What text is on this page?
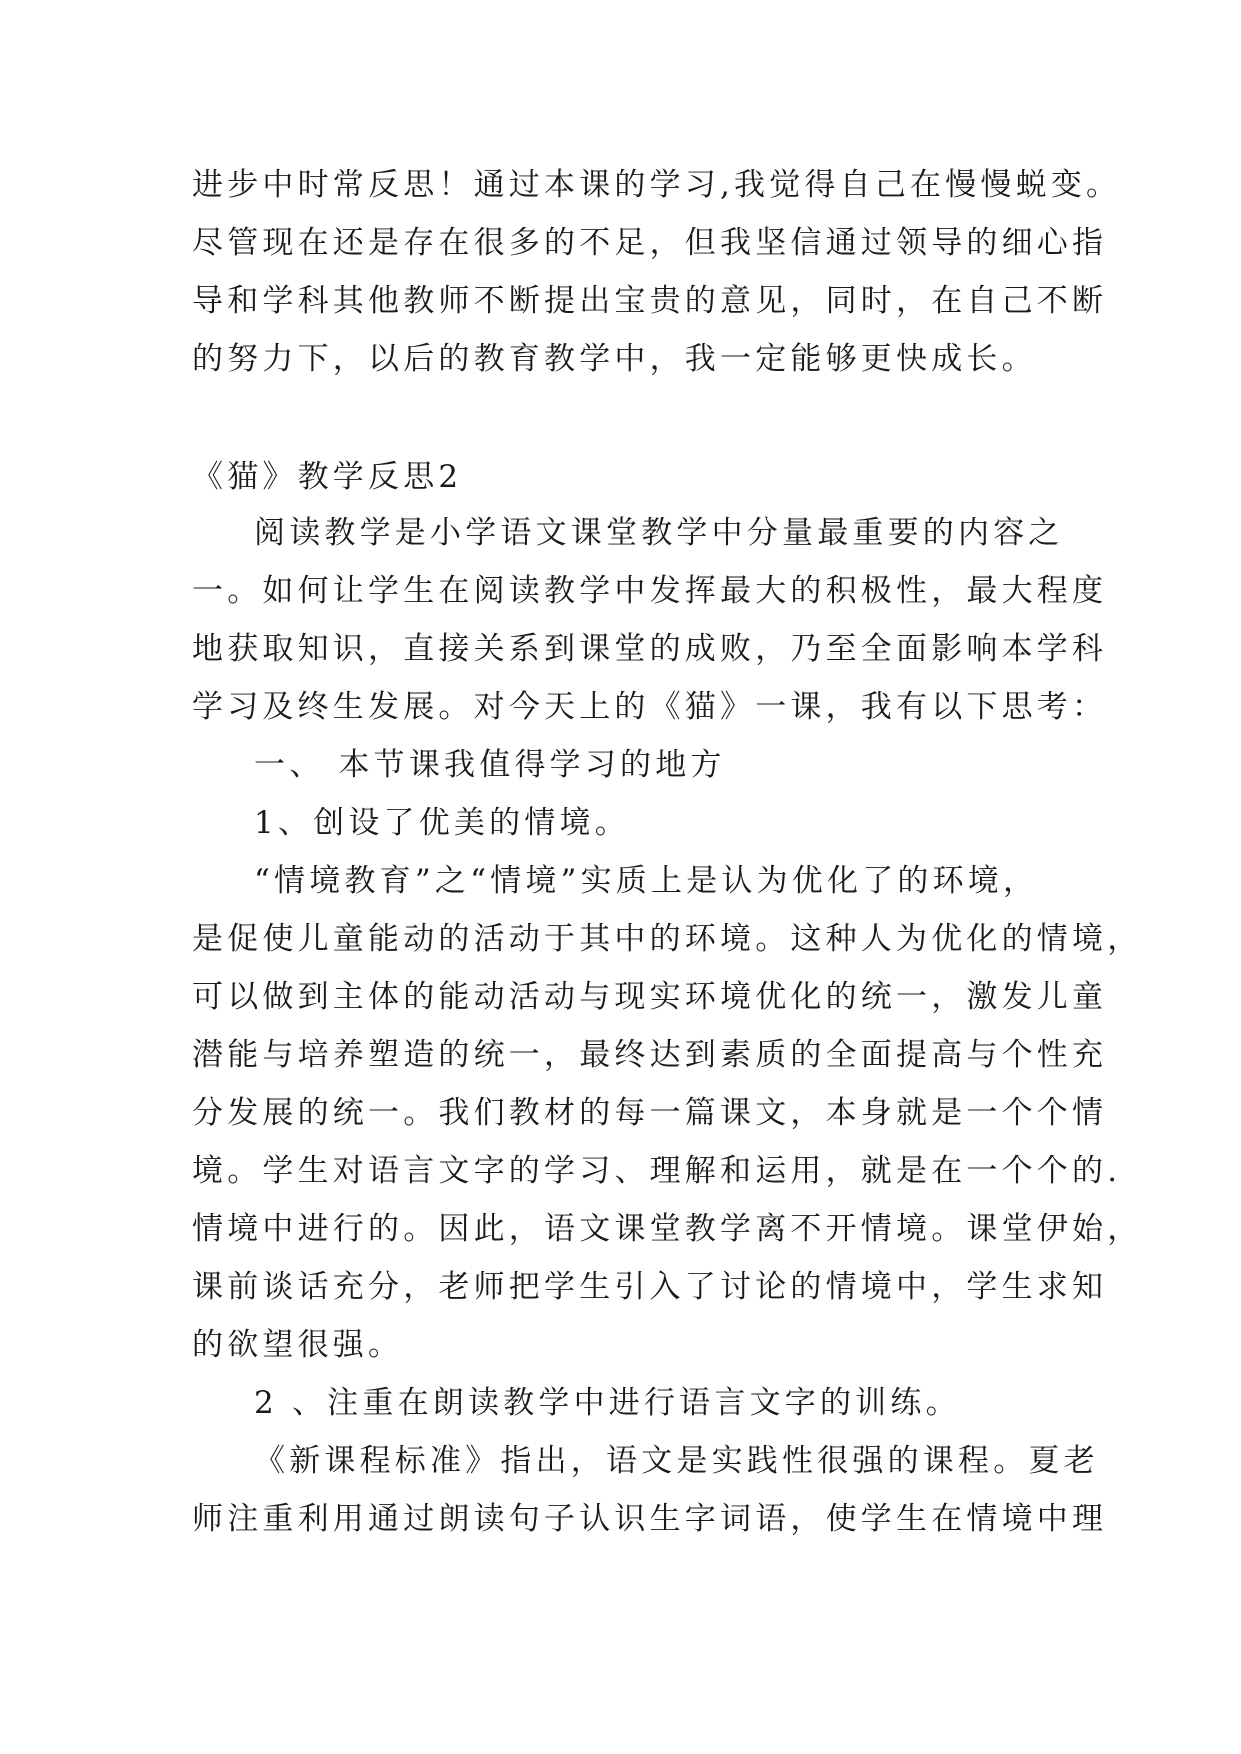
进步中时常反思！通过本课的学习,我觉得自己在慢慢蜕变。
尽管现在还是存在很多的不足，但我坚信通过领导的细心指
导和学科其他教师不断提出宝贵的意见，同时，在自己不断
的努力下，以后的教育教学中，我一定能够更快成长。
《猫》教学反思2
阅读教学是小学语文课堂教学中分量最重要的内容之
一。如何让学生在阅读教学中发挥最大的积极性，最大程度
地获取知识，直接关系到课堂的成败，乃至全面影响本学科
学习及终生发展。对今天上的《猫》一课，我有以下思考：
一、 本节课我值得学习的地方
1、创设了优美的情境。
“情境教育”之“情境”实质上是认为优化了的环境，
是促使儿童能动的活动于其中的环境。这种人为优化的情境，
可以做到主体的能动活动与现实环境优化的统一，激发儿童
潜能与培养塑造的统一，最终达到素质的全面提高与个性充
分发展的统一。我们教材的每一篇课文，本身就是一个个情
境。学生对语言文字的学习、理解和运用，就是在一个个的.
情境中进行的。因此，语文课堂教学离不开情境。课堂伊始，
课前谈话充分，老师把学生引入了讨论的情境中，学生求知
的欲望很强。
2 、注重在朗读教学中进行语言文字的训练。
《新课程标准》指出，语文是实践性很强的课程。夏老
师注重利用通过朗读句子认识生字词语，使学生在情境中理
